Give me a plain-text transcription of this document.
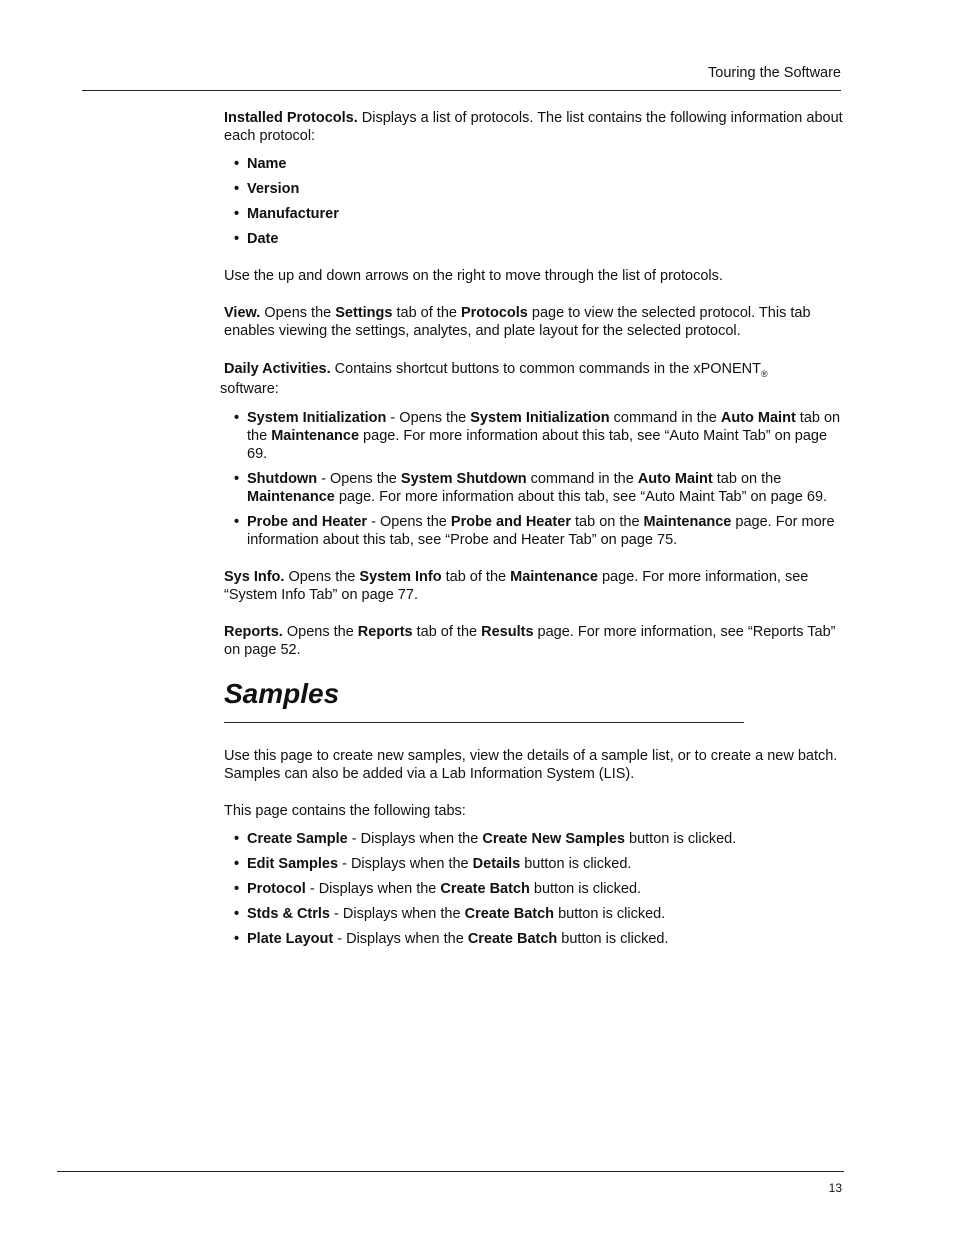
Touring the Software

Installed Protocols. Displays a list of protocols. The list contains the following information about each protocol:

• Name
• Version
• Manufacturer
• Date

Use the up and down arrows on the right to move through the list of protocols.

View. Opens the Settings tab of the Protocols page to view the selected protocol. This tab enables viewing the settings, analytes, and plate layout for the selected protocol.

Daily Activities. Contains shortcut buttons to common commands in the xPONENT$_®$
software:

• System Initialization - Opens the System Initialization command in the Auto Maint tab on the Maintenance page. For more information about this tab, see “Auto Maint Tab” on page 69.
• Shutdown - Opens the System Shutdown command in the Auto Maint tab on the Maintenance page. For more information about this tab, see “Auto Maint Tab” on page 69.
• Probe and Heater - Opens the Probe and Heater tab on the Maintenance page. For more information about this tab, see “Probe and Heater Tab” on page 75.

Sys Info. Opens the System Info tab of the Maintenance page. For more information, see “System Info Tab” on page 77.

Reports. Opens the Reports tab of the Results page. For more information, see “Reports Tab” on page 52.

Samples

Use this page to create new samples, view the details of a sample list, or to create a new batch. Samples can also be added via a Lab Information System (LIS).

This page contains the following tabs:

• Create Sample - Displays when the Create New Samples button is clicked.
• Edit Samples - Displays when the Details button is clicked.
• Protocol - Displays when the Create Batch button is clicked.
• Stds & Ctrls - Displays when the Create Batch button is clicked.
• Plate Layout - Displays when the Create Batch button is clicked.
13
